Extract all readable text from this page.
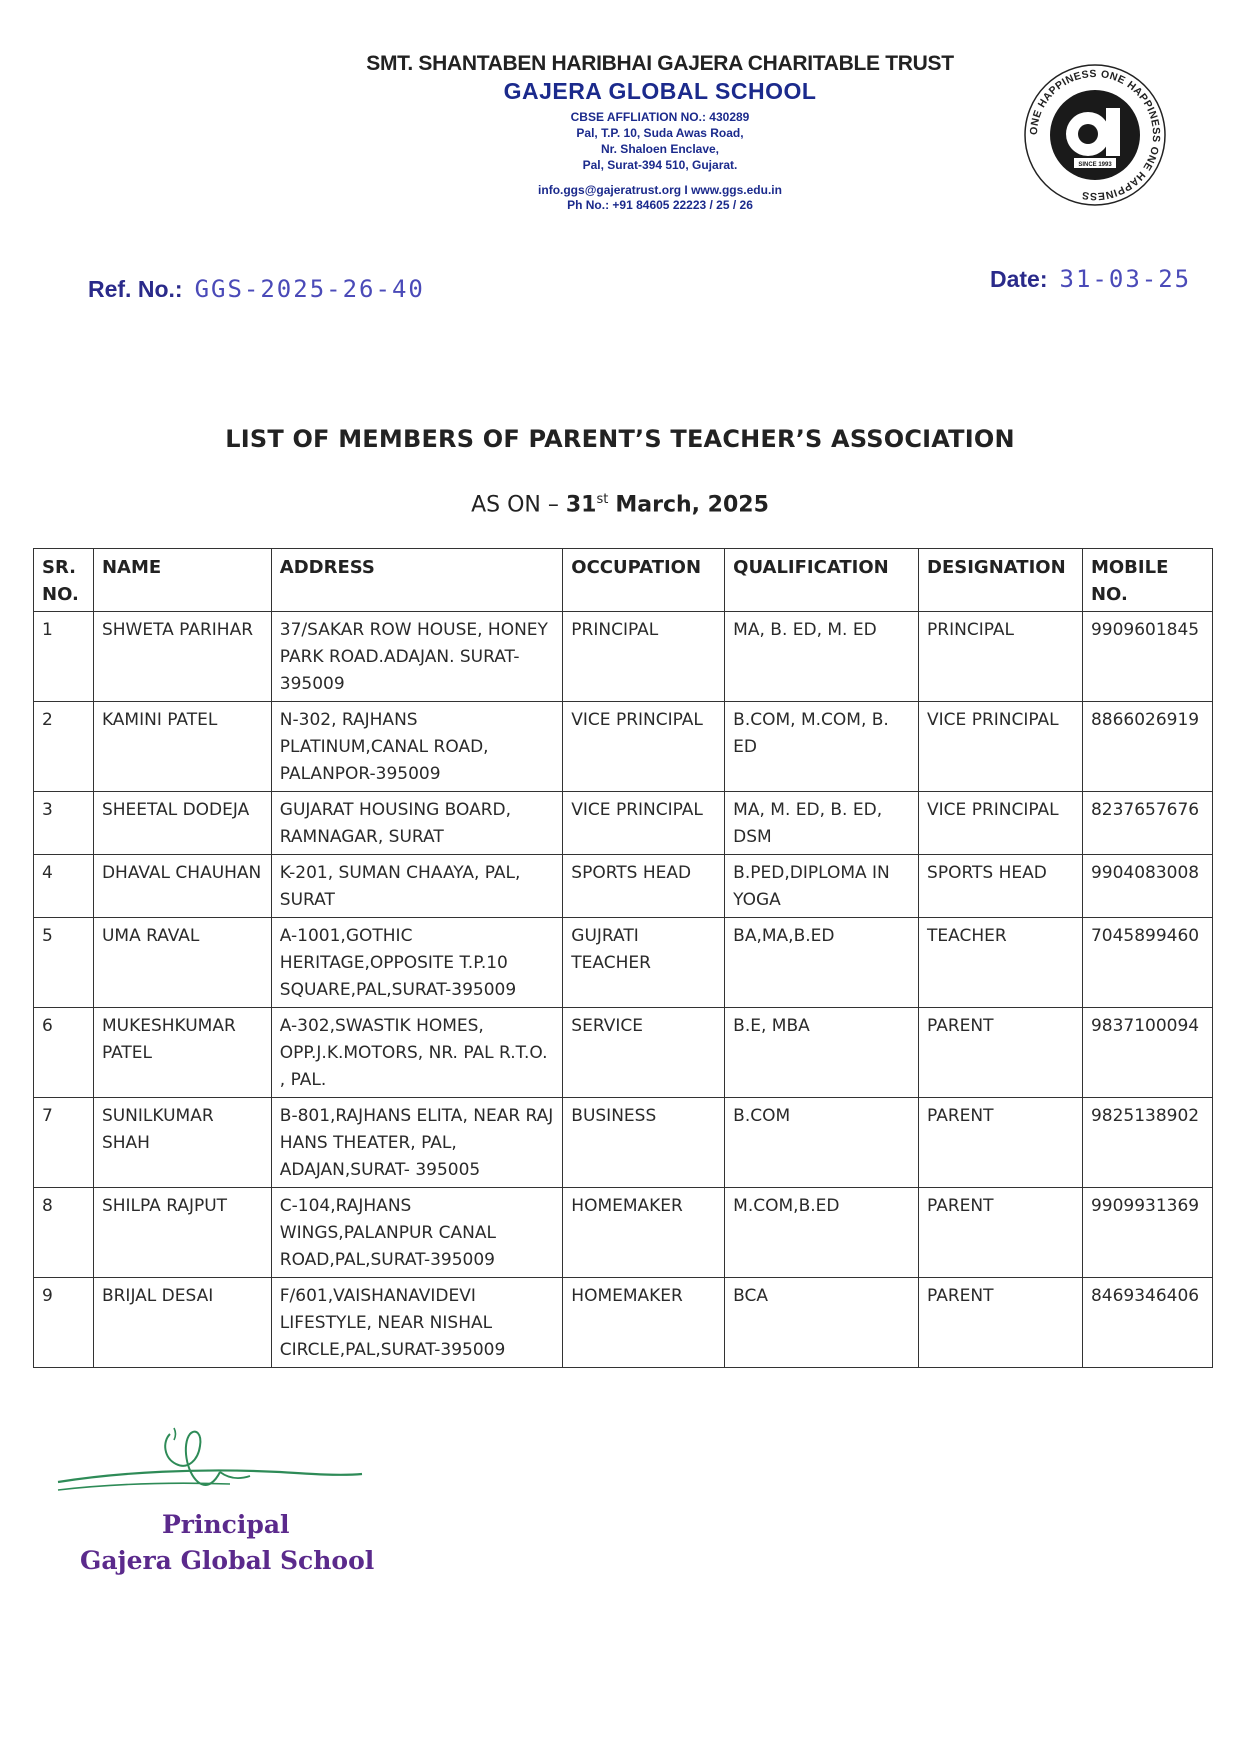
SMT. SHANTABEN HARIBHAI GAJERA CHARITABLE TRUST
GAJERA GLOBAL SCHOOL
CBSE AFFLIATION NO.: 430289
Pal, T.P. 10, Suda Awas Road,
Nr. Shaloen Enclave,
Pal, Surat-394 510, Gujarat.
info.ggs@gajeratrust.org I www.ggs.edu.in
Ph No.: +91 84605 22223 / 25 / 26
ONE HAPPINESS ONE HAPPINESS ONE HAPPINESS
SINCE 1993
Ref. No.: GGS-2025-26-40	Date: 31-03-25
LIST OF MEMBERS OF PARENT’S TEACHER’S ASSOCIATION
AS ON – 31st March, 2025
SR. NO.	NAME	ADDRESS	OCCUPATION	QUALIFICATION	DESIGNATION	MOBILE NO.
1	SHWETA PARIHAR	37/SAKAR ROW HOUSE, HONEY PARK ROAD.ADAJAN. SURAT-395009	PRINCIPAL	MA, B. ED, M. ED	PRINCIPAL	9909601845
2	KAMINI PATEL	N-302, RAJHANS PLATINUM,CANAL ROAD, PALANPOR-395009	VICE PRINCIPAL	B.COM, M.COM, B. ED	VICE PRINCIPAL	8866026919
3	SHEETAL DODEJA	GUJARAT HOUSING BOARD, RAMNAGAR, SURAT	VICE PRINCIPAL	MA, M. ED, B. ED, DSM	VICE PRINCIPAL	8237657676
4	DHAVAL CHAUHAN	K-201, SUMAN CHAAYA, PAL, SURAT	SPORTS HEAD	B.PED,DIPLOMA IN YOGA	SPORTS HEAD	9904083008
5	UMA RAVAL	A-1001,GOTHIC HERITAGE,OPPOSITE T.P.10 SQUARE,PAL,SURAT-395009	GUJRATI TEACHER	BA,MA,B.ED	TEACHER	7045899460
6	MUKESHKUMAR PATEL	A-302,SWASTIK HOMES, OPP.J.K.MOTORS, NR. PAL R.T.O. , PAL.	SERVICE	B.E, MBA	PARENT	9837100094
7	SUNILKUMAR SHAH	B-801,RAJHANS ELITA, NEAR RAJ HANS THEATER, PAL, ADAJAN,SURAT- 395005	BUSINESS	B.COM	PARENT	9825138902
8	SHILPA RAJPUT	C-104,RAJHANS WINGS,PALANPUR CANAL ROAD,PAL,SURAT-395009	HOMEMAKER	M.COM,B.ED	PARENT	9909931369
9	BRIJAL DESAI	F/601,VAISHANAVIDEVI LIFESTYLE, NEAR NISHAL CIRCLE,PAL,SURAT-395009	HOMEMAKER	BCA	PARENT	8469346406
Principal
Gajera Global School
